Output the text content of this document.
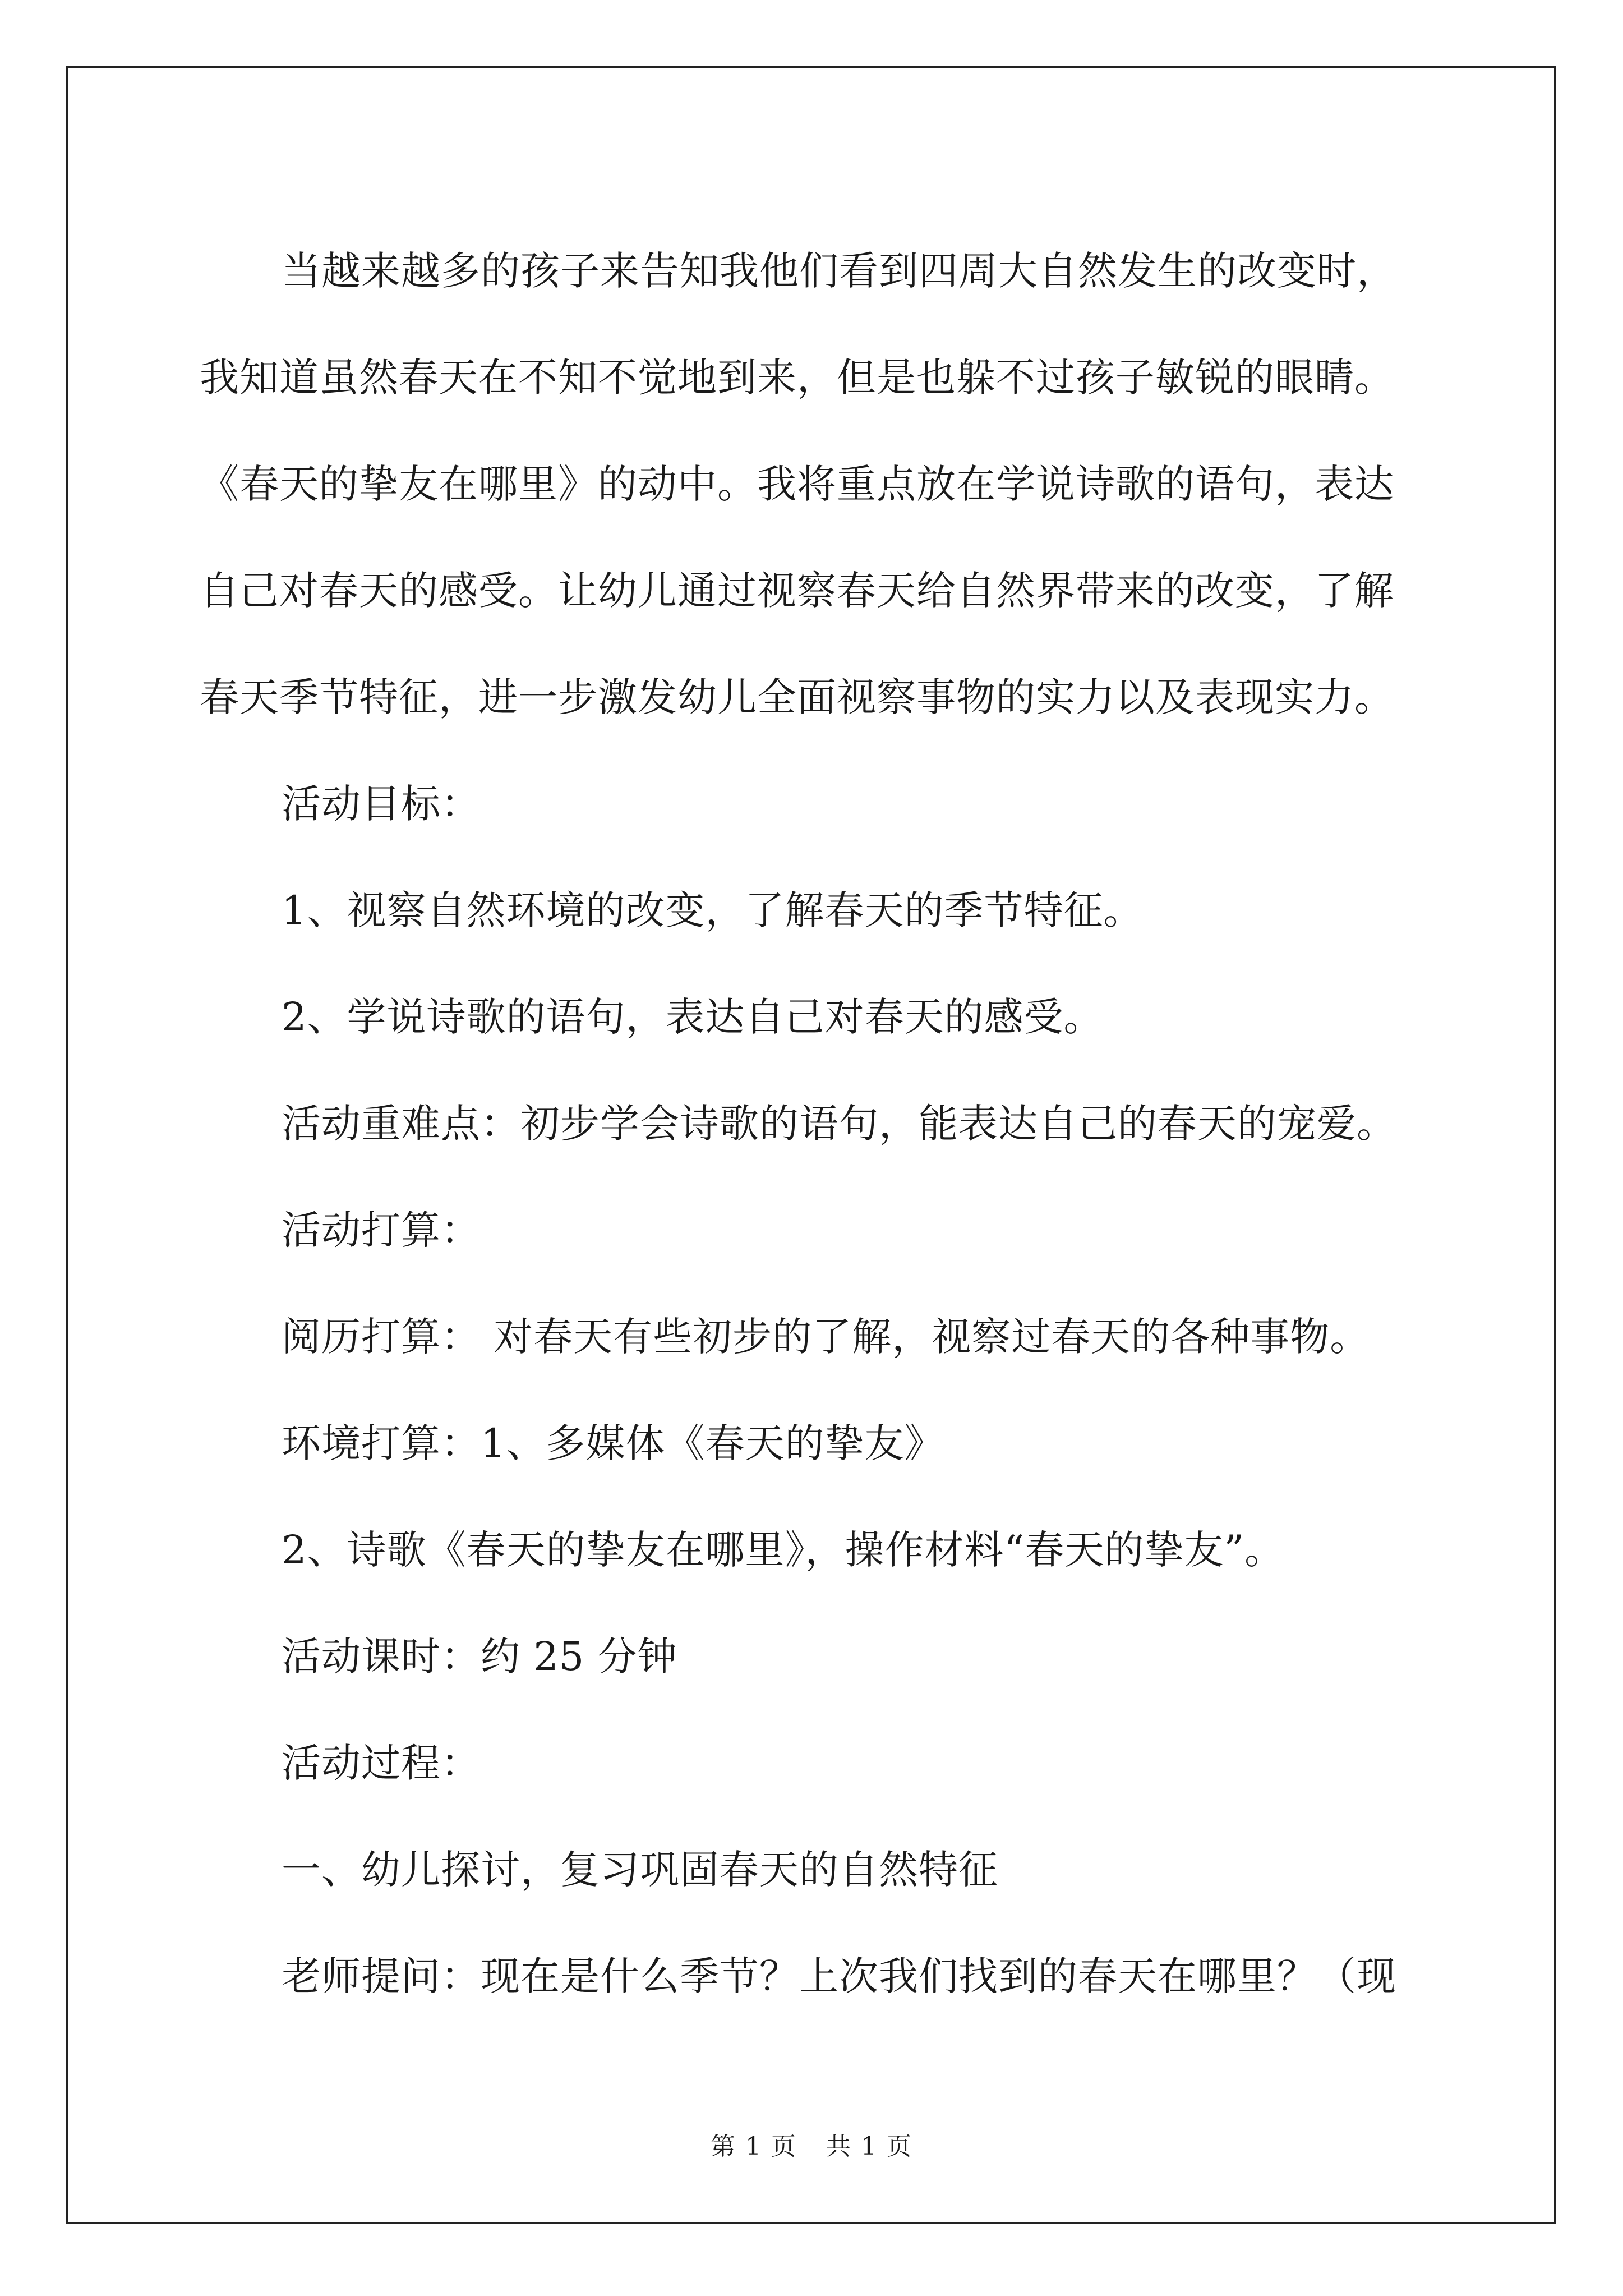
当越来越多的孩子来告知我他们看到四周大自然发生的改变时，

我知道虽然春天在不知不觉地到来，但是也躲不过孩子敏锐的眼睛。

《春天的挚友在哪里》的动中。我将重点放在学说诗歌的语句，表达

自己对春天的感受。让幼儿通过视察春天给自然界带来的改变，了解

春天季节特征，进一步激发幼儿全面视察事物的实力以及表现实力。

活动目标：

1、视察自然环境的改变，了解春天的季节特征。

2、学说诗歌的语句，表达自己对春天的感受。

活动重难点：初步学会诗歌的语句，能表达自己的春天的宠爱。

活动打算：

阅历打算： 对春天有些初步的了解，视察过春天的各种事物。

环境打算：1、多媒体《春天的挚友》

2、诗歌《春天的挚友在哪里》，操作材料“春天的挚友”。

活动课时：约 25 分钟

活动过程：

一、幼儿探讨，复习巩固春天的自然特征

老师提问：现在是什么季节？上次我们找到的春天在哪里？（现

第 1 页 共 1 页
